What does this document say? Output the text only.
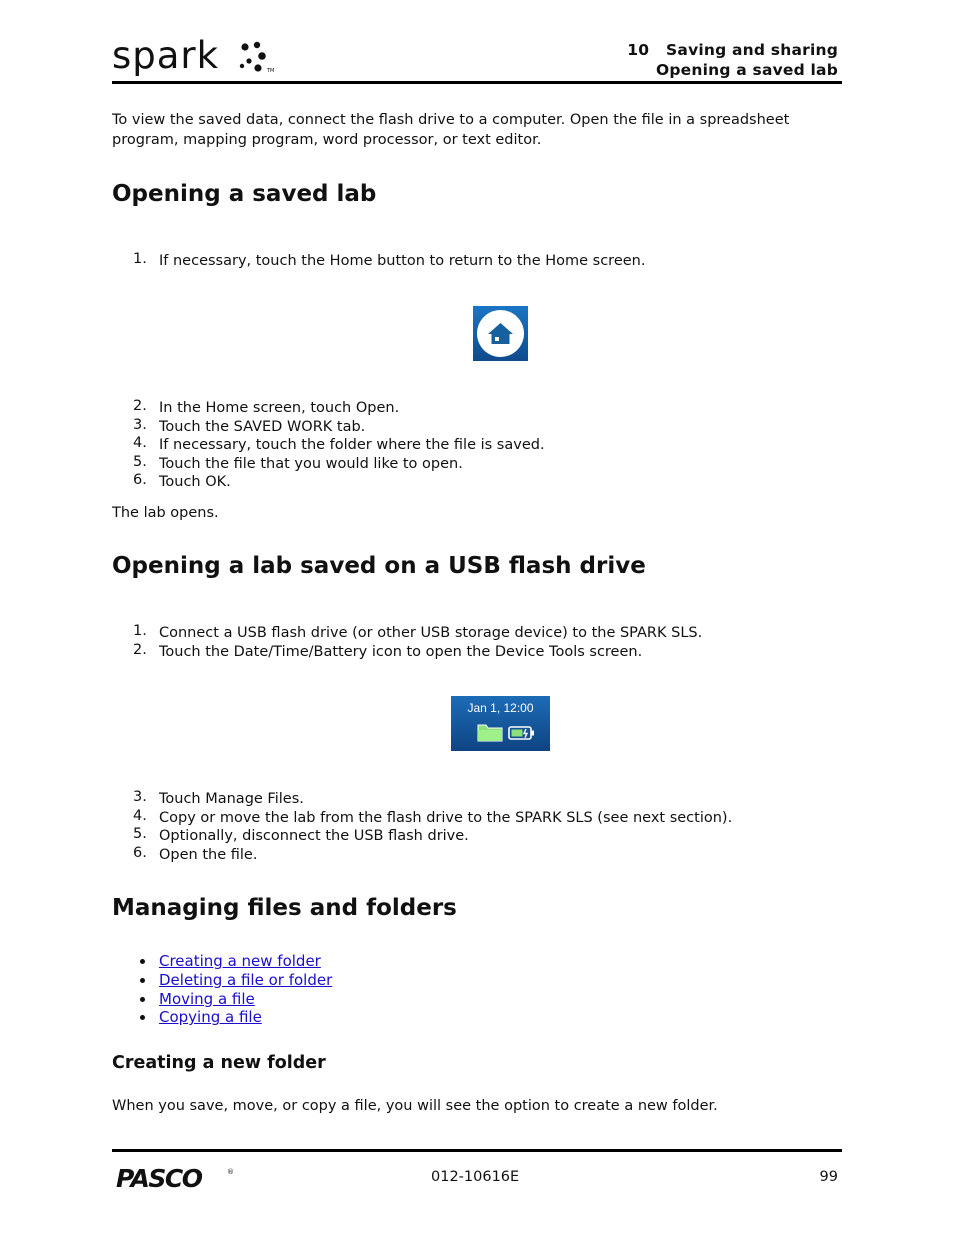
spark	TM
10   Saving and sharing
Opening a saved lab

To view the saved data, connect the flash drive to a computer. Open the file in a spreadsheet program, mapping program, word processor, or text editor.

Opening a saved lab
1. If necessary, touch the Home button to return to the Home screen.
2. In the Home screen, touch Open.
3. Touch the SAVED WORK tab.
4. If necessary, touch the folder where the file is saved.
5. Touch the file that you would like to open.
6. Touch OK.

The lab opens.

Opening a lab saved on a USB flash drive
1. Connect a USB flash drive (or other USB storage device) to the SPARK SLS.
2. Touch the Date/Time/Battery icon to open the Device Tools screen.
Jan 1, 12:00
3. Touch Manage Files.
4. Copy or move the lab from the flash drive to the SPARK SLS (see next section).
5. Optionally, disconnect the USB flash drive.
6. Open the file.
Managing files and folders
Creating a new folder
Deleting a file or folder
Moving a file
Copying a file
Creating a new folder

When you save, move, or copy a file, you will see the option to create a new folder.

PASCO	®	012-10616E	99
